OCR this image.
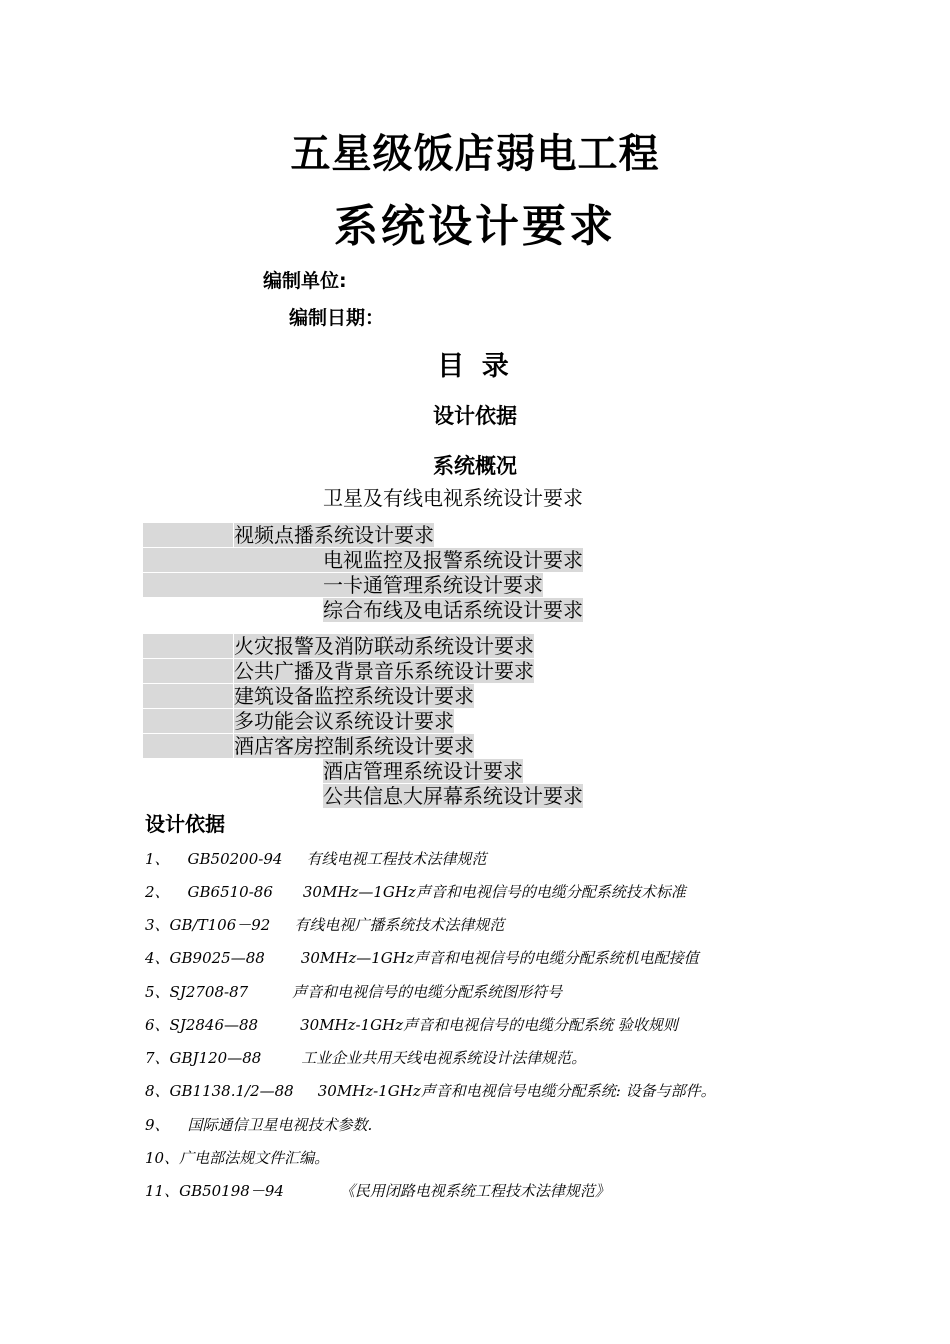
五星级饭店弱电工程
系统设计要求
编制单位:
编制日期：
目 录
设计依据
系统概况
卫星及有线电视系统设计要求
视频点播系统设计要求
电视监控及报警系统设计要求
一卡通管理系统设计要求
综合布线及电话系统设计要求
火灾报警及消防联动系统设计要求
公共广播及背景音乐系统设计要求
建筑设备监控系统设计要求
多功能会议系统设计要求
酒店客房控制系统设计要求
酒店管理系统设计要求
公共信息大屏幕系统设计要求
设计依据
1、 GB50200-94 有线电视工程技术法律规范
2、 GB6510-86 30MHz—1GHz声音和电视信号的电缆分配系统技术标准
3、GB/T106－92 有线电视广播系统技术法律规范
4、GB9025—88 30MHz—1GHz声音和电视信号的电缆分配系统机电配接值
5、SJ2708-87	声音和电视信号的电缆分配系统图形符号
6、SJ2846—88	30MHz-1GHz声音和电视信号的电缆分配系统 验收规则
7、GBJ120—88	工业企业共用天线电视系统设计法律规范。
8、GB1138.1/2—88 30MHz-1GHz声音和电视信号电缆分配系统: 设备与部件。
9、 国际通信卫星电视技术参数.
10、广电部法规文件汇编。
11、GB50198－94	《民用闭路电视系统工程技术法律规范》
